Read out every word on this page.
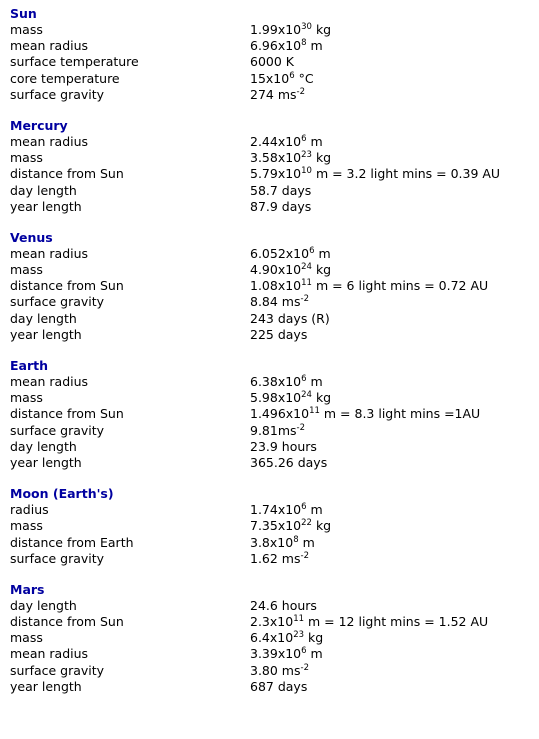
Sun
mass	$1.99x10^{30}$ kg
mean radius	$6.96x10^8$ m
surface temperature	6000 K
core temperature	$15x10^6$ °C
surface gravity	274 $ms^{-2}$
Mercury
mean radius	$2.44x10^6$ m
mass	$3.58x10^{23}$ kg
distance from Sun	$5.79x10^{10}$ m = 3.2 light mins = 0.39 AU
day length	58.7 days
year length	87.9 days
Venus
mean radius	$6.052x10^6$ m
mass	$4.90x10^{24}$ kg
distance from Sun	$1.08x10^{11}$ m = 6 light mins = 0.72 AU
surface gravity	8.84 $ms^{-2}$
day length	243 days (R)
year length	225 days
Earth
mean radius	$6.38x10^6$ m
mass	$5.98x10^{24}$ kg
distance from Sun	$1.496x10^{11}$ m = 8.3 light mins =1AU
surface gravity	$9.81ms^{-2}$
day length	23.9 hours
year length	365.26 days
Moon (Earth's)
radius	$1.74x10^6$ m
mass	$7.35x10^{22}$ kg
distance from Earth	$3.8x10^8$ m
surface gravity	1.62 $ms^{-2}$
Mars
day length	24.6 hours
distance from Sun	$2.3x10^{11}$ m = 12 light mins = 1.52 AU
mass	$6.4x10^{23}$ kg
mean radius	$3.39x10^6$ m
surface gravity	3.80 $ms^{-2}$
year length	687 days
